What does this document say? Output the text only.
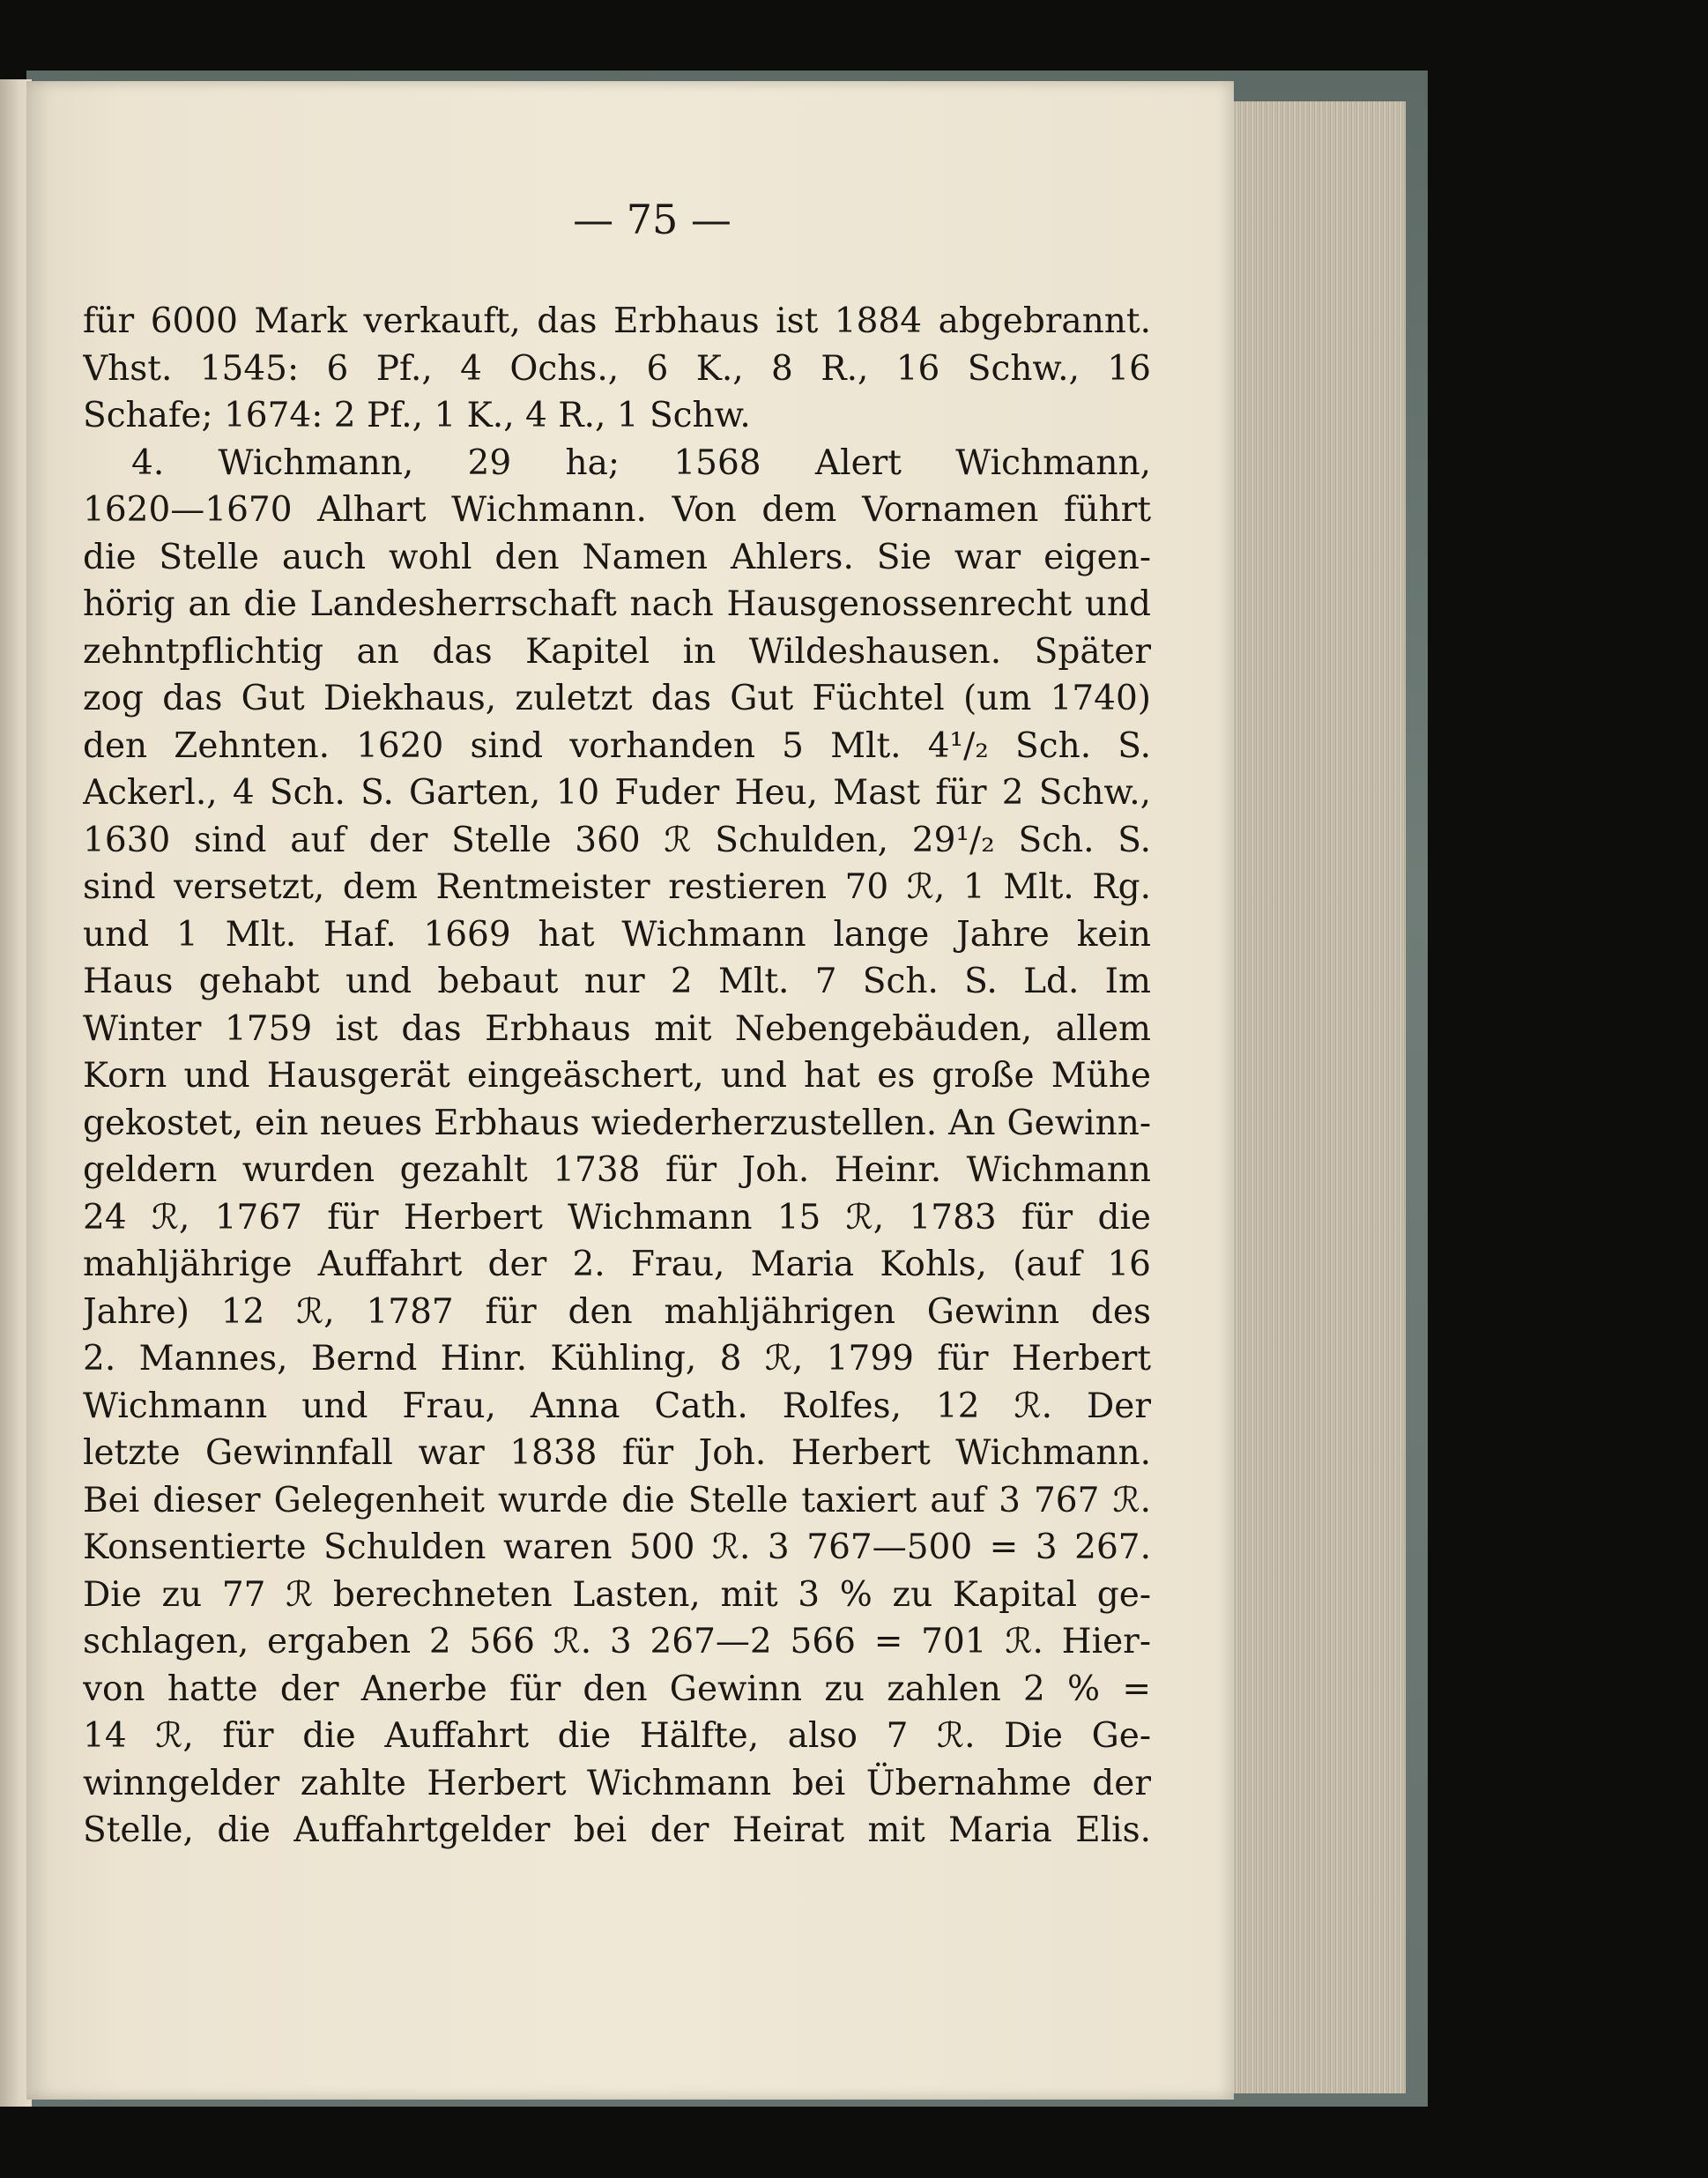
— 75 —
für 6000 Mark verkauft, das Erbhaus ist 1884 abgebrannt.
Vhst. 1545: 6 Pf., 4 Ochs., 6 K., 8 R., 16 Schw., 16
Schafe; 1674: 2 Pf., 1 K., 4 R., 1 Schw.
4. Wichmann, 29 ha; 1568 Alert Wichmann,
1620—1670 Alhart Wichmann. Von dem Vornamen führt
die Stelle auch wohl den Namen Ahlers. Sie war eigen-
hörig an die Landesherrschaft nach Hausgenossenrecht und
zehntpflichtig an das Kapitel in Wildeshausen. Später
zog das Gut Diekhaus, zuletzt das Gut Füchtel (um 1740)
den Zehnten. 1620 sind vorhanden 5 Mlt. 4¹/₂ Sch. S.
Ackerl., 4 Sch. S. Garten, 10 Fuder Heu, Mast für 2 Schw.,
1630 sind auf der Stelle 360 ℛ Schulden, 29¹/₂ Sch. S.
sind versetzt, dem Rentmeister restieren 70 ℛ, 1 Mlt. Rg.
und 1 Mlt. Haf. 1669 hat Wichmann lange Jahre kein
Haus gehabt und bebaut nur 2 Mlt. 7 Sch. S. Ld. Im
Winter 1759 ist das Erbhaus mit Nebengebäuden, allem
Korn und Hausgerät eingeäschert, und hat es große Mühe
gekostet, ein neues Erbhaus wiederherzustellen. An Gewinn-
geldern wurden gezahlt 1738 für Joh. Heinr. Wichmann
24 ℛ, 1767 für Herbert Wichmann 15 ℛ, 1783 für die
mahljährige Auffahrt der 2. Frau, Maria Kohls, (auf 16
Jahre) 12 ℛ, 1787 für den mahljährigen Gewinn des
2. Mannes, Bernd Hinr. Kühling, 8 ℛ, 1799 für Herbert
Wichmann und Frau, Anna Cath. Rolfes, 12 ℛ. Der
letzte Gewinnfall war 1838 für Joh. Herbert Wichmann.
Bei dieser Gelegenheit wurde die Stelle taxiert auf 3 767 ℛ.
Konsentierte Schulden waren 500 ℛ. 3 767—500 = 3 267.
Die zu 77 ℛ berechneten Lasten, mit 3 % zu Kapital ge-
schlagen, ergaben 2 566 ℛ. 3 267—2 566 = 701 ℛ. Hier-
von hatte der Anerbe für den Gewinn zu zahlen 2 % =
14 ℛ, für die Auffahrt die Hälfte, also 7 ℛ. Die Ge-
winngelder zahlte Herbert Wichmann bei Übernahme der
Stelle, die Auffahrtgelder bei der Heirat mit Maria Elis.
